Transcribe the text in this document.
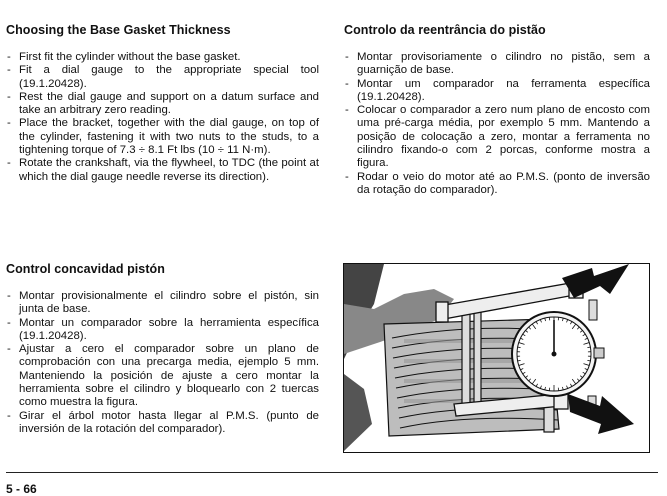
Choosing the Base Gasket Thickness
- First fit the cylinder without the base gasket.
- Fit a dial gauge to the appropriate special tool (19.1.20428).
- Rest the dial gauge and support on a datum surface and take an arbitrary zero reading.
- Place the bracket, together with the dial gauge, on top of the cylinder, fastening it with two nuts to the studs, to a tightening torque of 7.3 ÷ 8.1 Ft lbs (10 ÷ 11 N·m).
- Rotate the crankshaft, via the flywheel, to TDC (the point at which the dial gauge needle reverse its direction).
Controlo da reentrância do pistão
- Montar provisoriamente o cilindro no pistão, sem a guarnição de base.
- Montar um comparador na ferramenta específica (19.1.20428).
- Colocar o comparador a zero num plano de encosto com uma pré-carga média, por exemplo 5 mm. Mantendo a posição de colocação a zero, montar a ferramenta no cilindro fixando-o com 2 porcas, conforme mostra a figura.
- Rodar o veio do motor até ao P.M.S. (ponto de inversão da rotação do comparador).
Control concavidad pistón
- Montar provisionalmente el cilindro sobre el pistón, sin junta de base.
- Montar un comparador sobre la herramienta específica (19.1.20428).
- Ajustar a cero el comparador sobre un plano de comprobación con una precarga media, ejemplo 5 mm. Manteniendo la posición de ajuste a cero montar la herramienta sobre el cilindro y bloquearlo con 2 tuercas como muestra la figura.
- Girar el árbol motor hasta llegar al P.M.S. (punto de inversión de la rotación del comparador).
5 - 66
